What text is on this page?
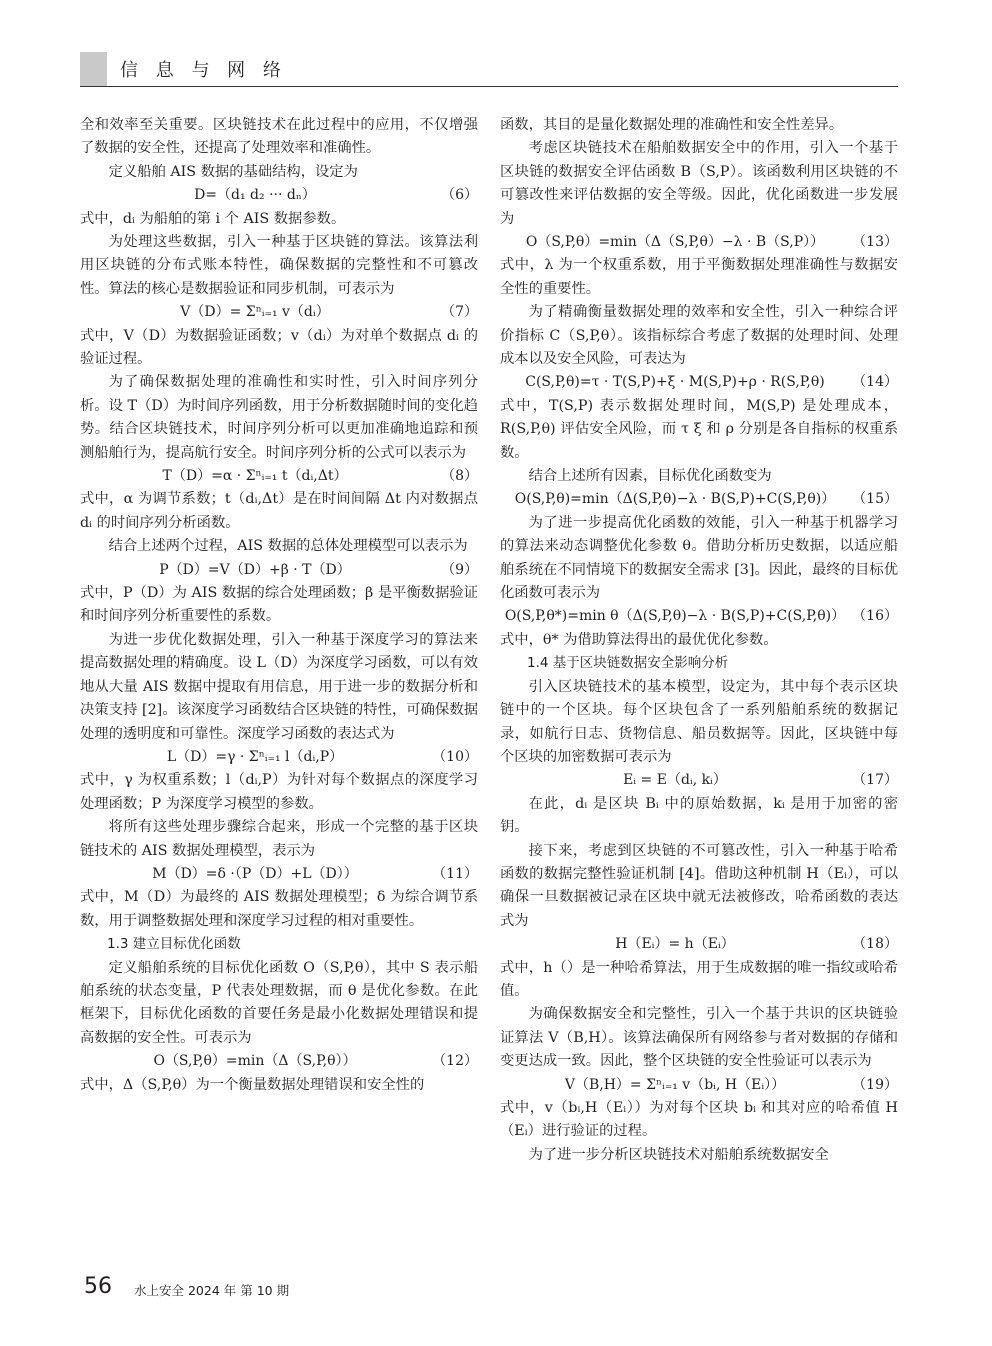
信 息 与 网 络

全和效率至关重要。区块链技术在此过程中的应用，不仅增强了数据的安全性，还提高了处理效率和准确性。

定义船舶 AIS 数据的基础结构，设定为

D=（d₁ d₂ ··· dₙ）	（6）

式中，dᵢ 为船舶的第 i 个 AIS 数据参数。

为处理这些数据，引入一种基于区块链的算法。该算法利用区块链的分布式账本特性，确保数据的完整性和不可篡改性。算法的核心是数据验证和同步机制，可表示为

V（D）= Σⁿᵢ₌₁ v（dᵢ）	（7）

式中，V（D）为数据验证函数；v（dᵢ）为对单个数据点 dᵢ 的验证过程。

为了确保数据处理的准确性和实时性，引入时间序列分析。设 T（D）为时间序列函数，用于分析数据随时间的变化趋势。结合区块链技术，时间序列分析可以更加准确地追踪和预测船舶行为，提高航行安全。时间序列分析的公式可以表示为

T（D）=α · Σⁿᵢ₌₁ t（dᵢ,Δt）	（8）

式中，α 为调节系数；t（dᵢ,Δt）是在时间间隔 Δt 内对数据点 dᵢ 的时间序列分析函数。

结合上述两个过程，AIS 数据的总体处理模型可以表示为

P（D）=V（D）+β · T（D）	（9）

式中，P（D）为 AIS 数据的综合处理函数；β 是平衡数据验证和时间序列分析重要性的系数。

为进一步优化数据处理，引入一种基于深度学习的算法来提高数据处理的精确度。设 L（D）为深度学习函数，可以有效地从大量 AIS 数据中提取有用信息，用于进一步的数据分析和决策支持 [2]。该深度学习函数结合区块链的特性，可确保数据处理的透明度和可靠性。深度学习函数的表达式为

L（D）=γ · Σⁿᵢ₌₁ l（dᵢ,P）	（10）

式中，γ 为权重系数；l（dᵢ,P）为针对每个数据点的深度学习处理函数；P 为深度学习模型的参数。

将所有这些处理步骤综合起来，形成一个完整的基于区块链技术的 AIS 数据处理模型，表示为

M（D）=δ ·（P（D）+L（D））	（11）

式中，M（D）为最终的 AIS 数据处理模型；δ 为综合调节系数，用于调整数据处理和深度学习过程的相对重要性。

1.3 建立目标优化函数

定义船舶系统的目标优化函数 O（S,P,θ），其中 S 表示船舶系统的状态变量，P 代表处理数据，而 θ 是优化参数。在此框架下，目标优化函数的首要任务是最小化数据处理错误和提高数据的安全性。可表示为

O（S,P,θ）=min（Δ（S,P,θ））	（12）

式中，Δ（S,P,θ）为一个衡量数据处理错误和安全性的

函数，其目的是量化数据处理的准确性和安全性差异。

考虑区块链技术在船舶数据安全中的作用，引入一个基于区块链的数据安全评估函数 B（S,P）。该函数利用区块链的不可篡改性来评估数据的安全等级。因此，优化函数进一步发展为

O（S,P,θ）=min（Δ（S,P,θ）−λ · B（S,P））	（13）

式中，λ 为一个权重系数，用于平衡数据处理准确性与数据安全性的重要性。

为了精确衡量数据处理的效率和安全性，引入一种综合评价指标 C（S,P,θ）。该指标综合考虑了数据的处理时间、处理成本以及安全风险，可表达为

C(S,P,θ)=τ · T(S,P)+ξ · M(S,P)+ρ · R(S,P,θ)	（14）

式中，T(S,P) 表示数据处理时间，M(S,P) 是处理成本，R(S,P,θ) 评估安全风险，而 τ ξ 和 ρ 分别是各自指标的权重系数。

结合上述所有因素，目标优化函数变为

O(S,P,θ)=min（Δ(S,P,θ)−λ · B(S,P)+C(S,P,θ)）	（15）

为了进一步提高优化函数的效能，引入一种基于机器学习的算法来动态调整优化参数 θ。借助分析历史数据，以适应船舶系统在不同情境下的数据安全需求 [3]。因此，最终的目标优化函数可表示为

O(S,P,θ*)=min θ（Δ(S,P,θ)−λ · B(S,P)+C(S,P,θ)） （16）

式中，θ* 为借助算法得出的最优优化参数。

1.4 基于区块链数据安全影响分析

引入区块链技术的基本模型，设定为，其中每个表示区块链中的一个区块。每个区块包含了一系列船舶系统的数据记录，如航行日志、货物信息、船员数据等。因此，区块链中每个区块的加密数据可表示为

Eᵢ = E（dᵢ, kᵢ）	（17）

在此，dᵢ 是区块 Bᵢ 中的原始数据，kᵢ 是用于加密的密钥。

接下来，考虑到区块链的不可篡改性，引入一种基于哈希函数的数据完整性验证机制 [4]。借助这种机制 H（Eᵢ），可以确保一旦数据被记录在区块中就无法被修改，哈希函数的表达式为

H（Eᵢ）= h（Eᵢ）	（18）

式中，h（）是一种哈希算法，用于生成数据的唯一指纹或哈希值。

为确保数据安全和完整性，引入一个基于共识的区块链验证算法 V（B,H）。该算法确保所有网络参与者对数据的存储和变更达成一致。因此，整个区块链的安全性验证可以表示为

V（B,H）= Σⁿᵢ₌₁ v（bᵢ, H（Eᵢ））	（19）

式中，v（bᵢ,H（Eᵢ））为对每个区块 bᵢ 和其对应的哈希值 H（Eᵢ）进行验证的过程。

为了进一步分析区块链技术对船舶系统数据安全

56 水上安全 2024 年 第 10 期
